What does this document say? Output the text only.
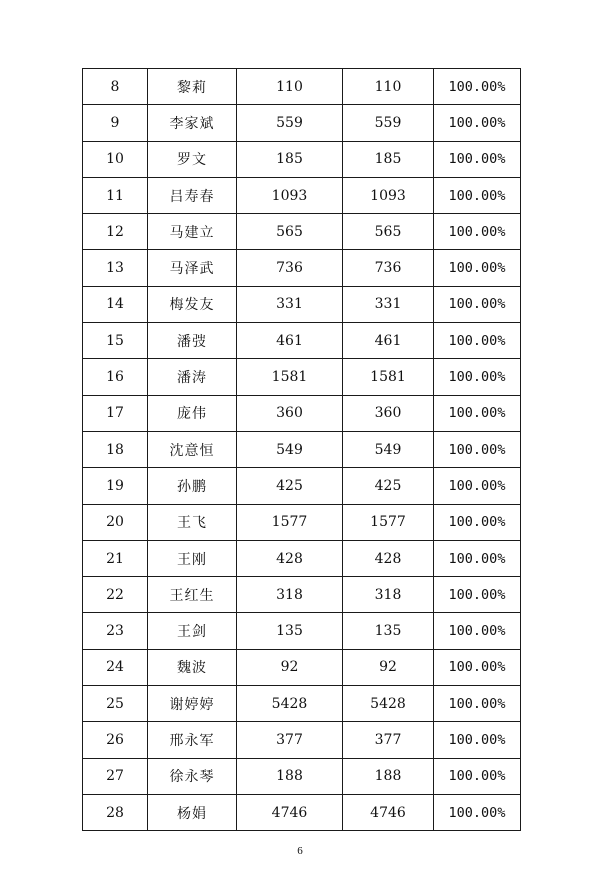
8	黎莉	110	110	100.00%
9	李家斌	559	559	100.00%
10	罗文	185	185	100.00%
11	吕寿春	1093	1093	100.00%
12	马建立	565	565	100.00%
13	马泽武	736	736	100.00%
14	梅发友	331	331	100.00%
15	潘弢	461	461	100.00%
16	潘涛	1581	1581	100.00%
17	庞伟	360	360	100.00%
18	沈意恒	549	549	100.00%
19	孙鹏	425	425	100.00%
20	王飞	1577	1577	100.00%
21	王刚	428	428	100.00%
22	王红生	318	318	100.00%
23	王剑	135	135	100.00%
24	魏波	92	92	100.00%
25	谢婷婷	5428	5428	100.00%
26	邢永军	377	377	100.00%
27	徐永琴	188	188	100.00%
28	杨娟	4746	4746	100.00%
6
